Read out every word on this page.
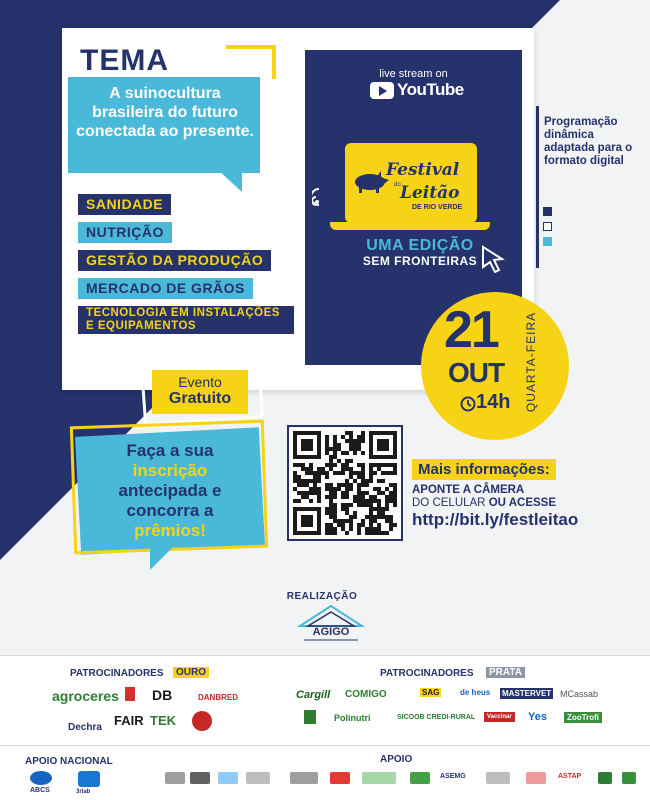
TEMA
A suinocultura brasileira do futuro conectada ao presente.
SANIDADE
NUTRIÇÃO
GESTÃO DA PRODUÇÃO
MERCADO DE GRÃOS
TECNOLOGIA EM INSTALAÇÕES E EQUIPAMENTOS
live stream on
YouTube
Festival
do Leitão
DE RIO VERDE
UMA EDIÇÃO
SEM FRONTEIRAS
21
OUT
14h QUARTA-FEIRA
Programação dinâmica adaptada para o formato digital
Evento
Gratuito
Faça a sua
inscrição
antecipada e
concorra a
prêmios!
Mais informações:
APONTE A CÂMERA
DO CELULAR OU ACESSE
http://bit.ly/festleitao
REALIZAÇÃO
AGIGO
PATROCINADORES	OURO	PATROCINADORES	PRATA
agroceres DB	DANBRED
Dechra FAIR TEK
Cargill COMIGO	SAG	de heus MASTERVET MCassab
Polinutri	SICOOB CREDI-RURAL	Vaccinar Yes	ZooTrofi
APOIO NACIONAL	APOIO
ABCS	3rlab
ASEMG	ASTAP
